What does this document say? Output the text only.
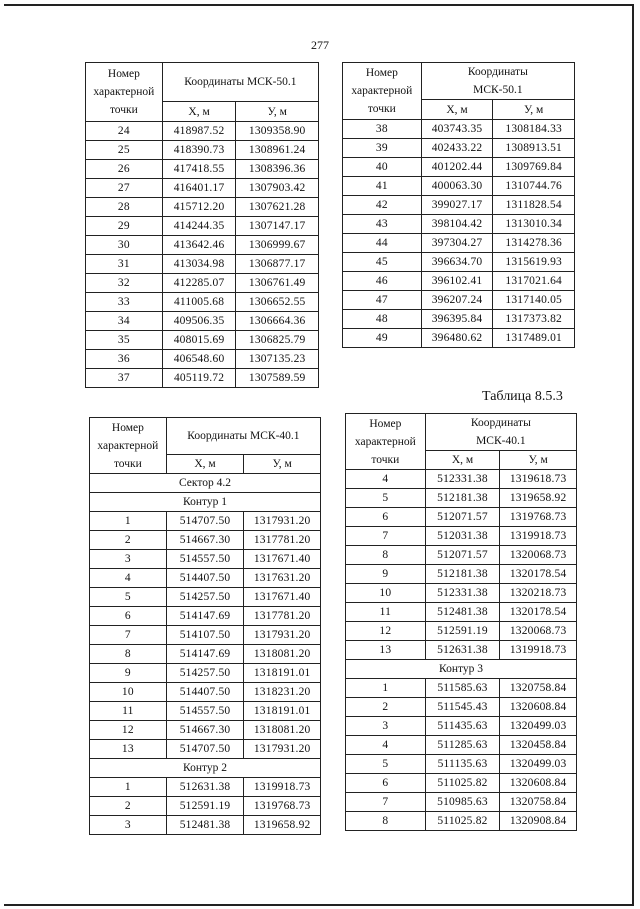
277
Таблица 8.5.3
Номер характерной точки	Координаты МСК-50.1	
	X, м	У, м
24	418987.52	1309358.90
25	418390.73	1308961.24
26	417418.55	1308396.36
27	416401.17	1307903.42
28	415712.20	1307621.28
29	414244.35	1307147.17
30	413642.46	1306999.67
31	413034.98	1306877.17
32	412285.07	1306761.49
33	411005.68	1306652.55
34	409506.35	1306664.36
35	408015.69	1306825.79
36	406548.60	1307135.23
37	405119.72	1307589.59
Номер характерной точки	Координаты МСК-50.1	
	X, м	У, м
38	403743.35	1308184.33
39	402433.22	1308913.51
40	401202.44	1309769.84
41	400063.30	1310744.76
42	399027.17	1311828.54
43	398104.42	1313010.34
44	397304.27	1314278.36
45	396634.70	1315619.93
46	396102.41	1317021.64
47	396207.24	1317140.05
48	396395.84	1317373.82
49	396480.62	1317489.01
Номер характерной точки	Координаты МСК-40.1	
	X, м	У, м
Сектор 4.2		
Контур 1		
1	514707.50	1317931.20
2	514667.30	1317781.20
3	514557.50	1317671.40
4	514407.50	1317631.20
5	514257.50	1317671.40
6	514147.69	1317781.20
7	514107.50	1317931.20
8	514147.69	1318081.20
9	514257.50	1318191.01
10	514407.50	1318231.20
11	514557.50	1318191.01
12	514667.30	1318081.20
13	514707.50	1317931.20
Контур 2		
1	512631.38	1319918.73
2	512591.19	1319768.73
3	512481.38	1319658.92
Номер характерной точки	Координаты МСК-40.1	
	X, м	У, м
4	512331.38	1319618.73
5	512181.38	1319658.92
6	512071.57	1319768.73
7	512031.38	1319918.73
8	512071.57	1320068.73
9	512181.38	1320178.54
10	512331.38	1320218.73
11	512481.38	1320178.54
12	512591.19	1320068.73
13	512631.38	1319918.73
Контур 3		
1	511585.63	1320758.84
2	511545.43	1320608.84
3	511435.63	1320499.03
4	511285.63	1320458.84
5	511135.63	1320499.03
6	511025.82	1320608.84
7	510985.63	1320758.84
8	511025.82	1320908.84
